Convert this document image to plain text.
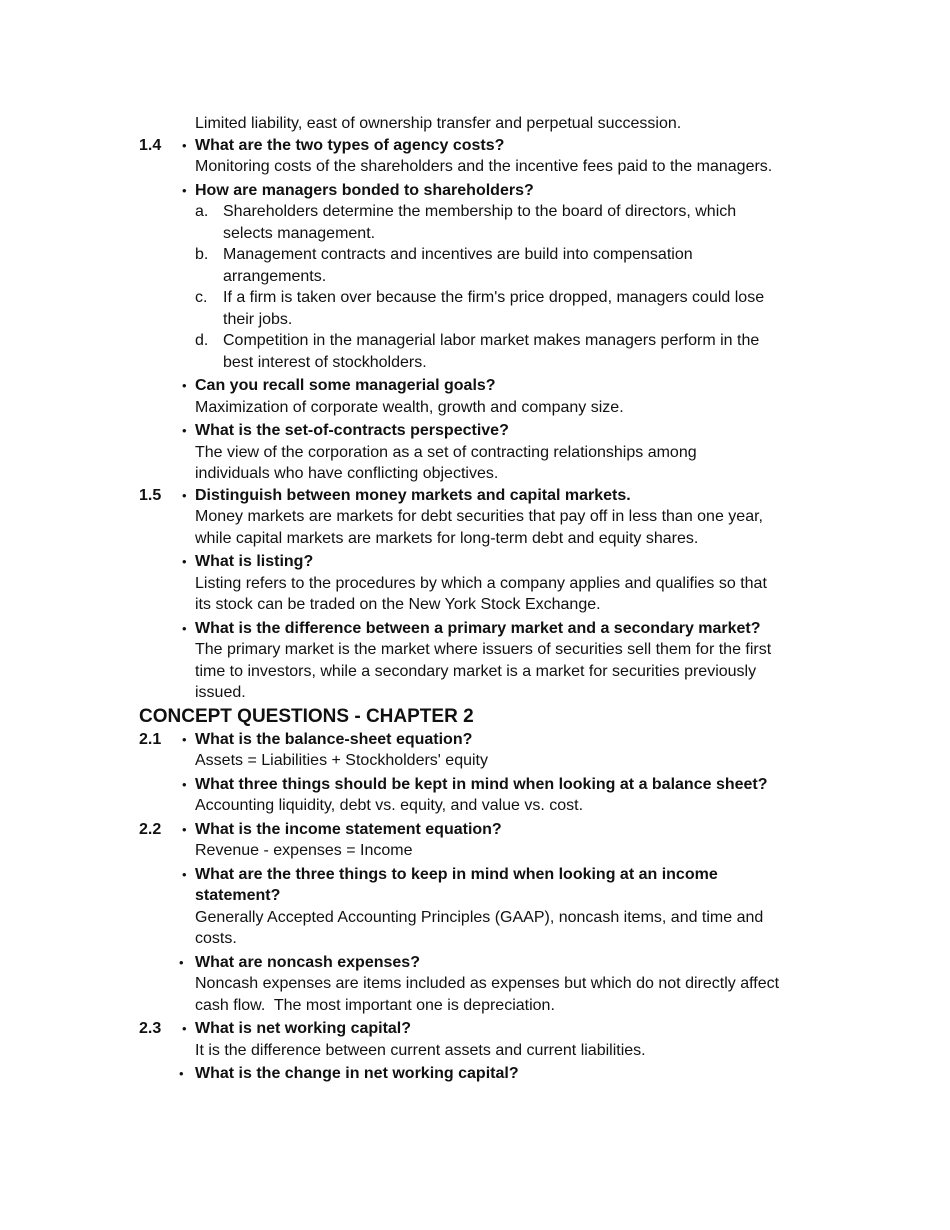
Limited liability, east of ownership transfer and perpetual succession.
1.4 • What are the two types of agency costs?
Monitoring costs of the shareholders and the incentive fees paid to the managers.
• How are managers bonded to shareholders?
a. Shareholders determine the membership to the board of directors, which
selects management.
b. Management contracts and incentives are build into compensation
arrangements.
c. If a firm is taken over because the firm's price dropped, managers could lose
their jobs.
d. Competition in the managerial labor market makes managers perform in the
best interest of stockholders.
• Can you recall some managerial goals?
Maximization of corporate wealth, growth and company size.
• What is the set-of-contracts perspective?
The view of the corporation as a set of contracting relationships among
individuals who have conflicting objectives.
1.5 • Distinguish between money markets and capital markets.
Money markets are markets for debt securities that pay off in less than one year,
while capital markets are markets for long-term debt and equity shares.
• What is listing?
Listing refers to the procedures by which a company applies and qualifies so that
its stock can be traded on the New York Stock Exchange.
• What is the difference between a primary market and a secondary market?
The primary market is the market where issuers of securities sell them for the first
time to investors, while a secondary market is a market for securities previously
issued.
CONCEPT QUESTIONS - CHAPTER 2
2.1 • What is the balance-sheet equation?
Assets = Liabilities + Stockholders' equity
• What three things should be kept in mind when looking at a balance sheet?
Accounting liquidity, debt vs. equity, and value vs. cost.
2.2 • What is the income statement equation?
Revenue - expenses = Income
• What are the three things to keep in mind when looking at an income
statement?
Generally Accepted Accounting Principles (GAAP), noncash items, and time and
costs.
• What are noncash expenses?
Noncash expenses are items included as expenses but which do not directly affect
cash flow.  The most important one is depreciation.
2.3 • What is net working capital?
It is the difference between current assets and current liabilities.
• What is the change in net working capital?
